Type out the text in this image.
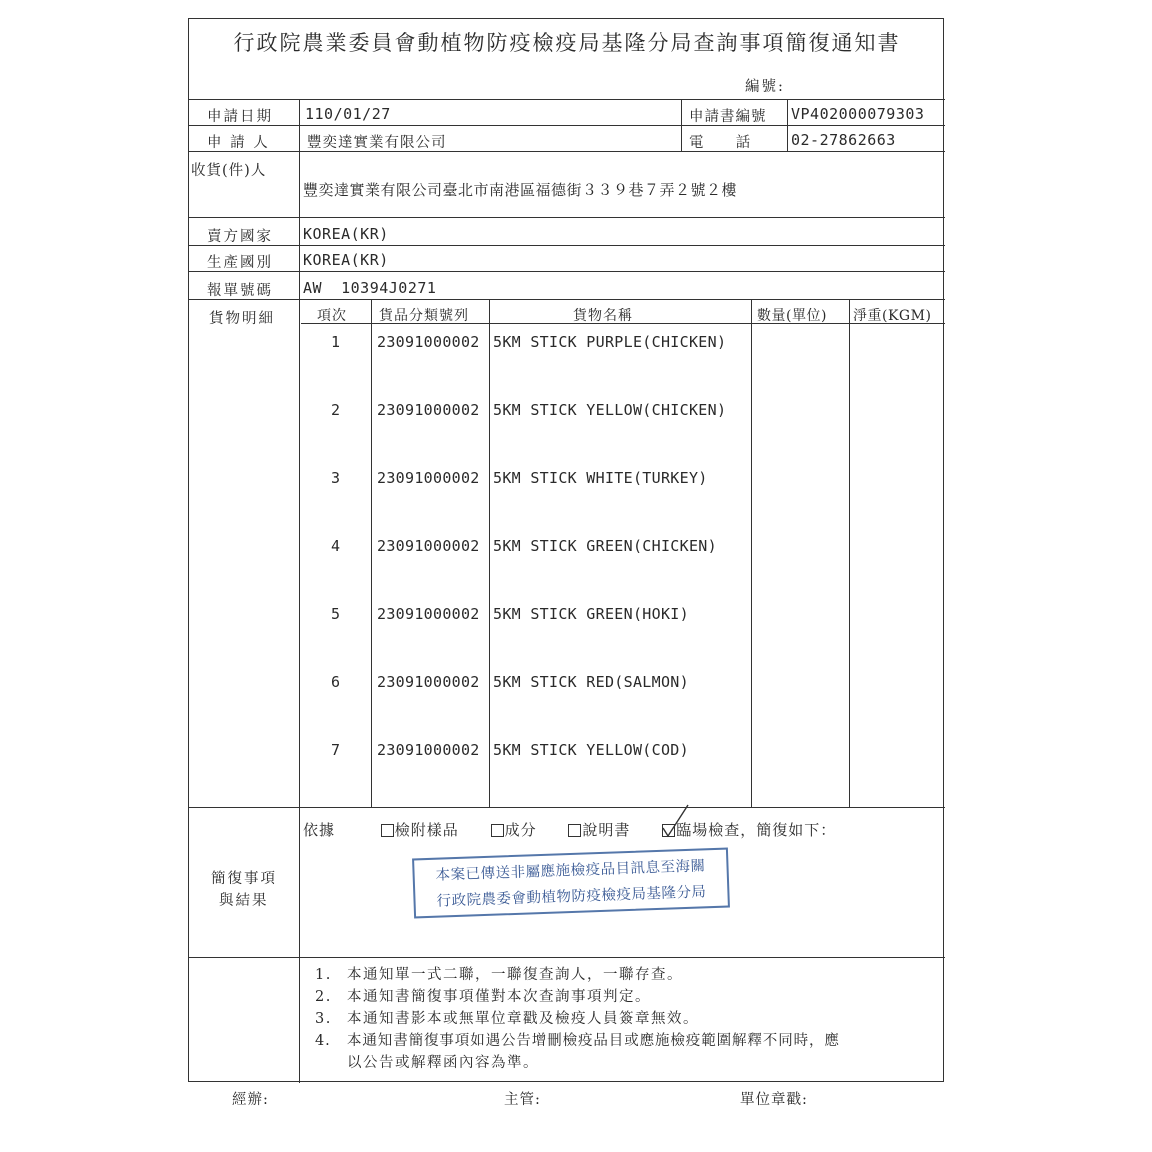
行政院農業委員會動植物防疫檢疫局基隆分局查詢事項簡復通知書
編號:
申請日期 110/01/27	申請書編號 VP402000079303
申 請 人	豐奕達實業有限公司	電       話	02-27862663
收貨(件)人
豐奕達實業有限公司臺北市南港區福德街３３９巷７弄２號２樓
賣方國家 KOREA(KR)
生產國別 KOREA(KR)
報單號碼 AW  10394J0271
貨物明細	項次 貨品分類號列	貨物名稱	數量(單位) 淨重(KGM)
1 23091000002 5KM STICK PURPLE(CHICKEN)
2 23091000002 5KM STICK YELLOW(CHICKEN)
3 23091000002 5KM STICK WHITE(TURKEY)
4 23091000002 5KM STICK GREEN(CHICKEN)
5 23091000002 5KM STICK GREEN(HOKI)
6 23091000002 5KM STICK RED(SALMON)
7 23091000002 5KM STICK YELLOW(COD)
簡復事項
與結果
依據	檢附樣品	成分	說明書	臨場檢查，簡復如下：
本案已傳送非屬應施檢疫品目訊息至海關
行政院農委會動植物防疫檢疫局基隆分局
1. 本通知單一式二聯，一聯復查詢人，一聯存查。
2. 本通知書簡復事項僅對本次查詢事項判定。
3. 本通知書影本或無單位章戳及檢疫人員簽章無效。
4. 本通知書簡復事項如遇公告增刪檢疫品目或應施檢疫範圍解釋不同時，應
以公告或解釋函內容為準。
經辦:	主管:	單位章戳:
